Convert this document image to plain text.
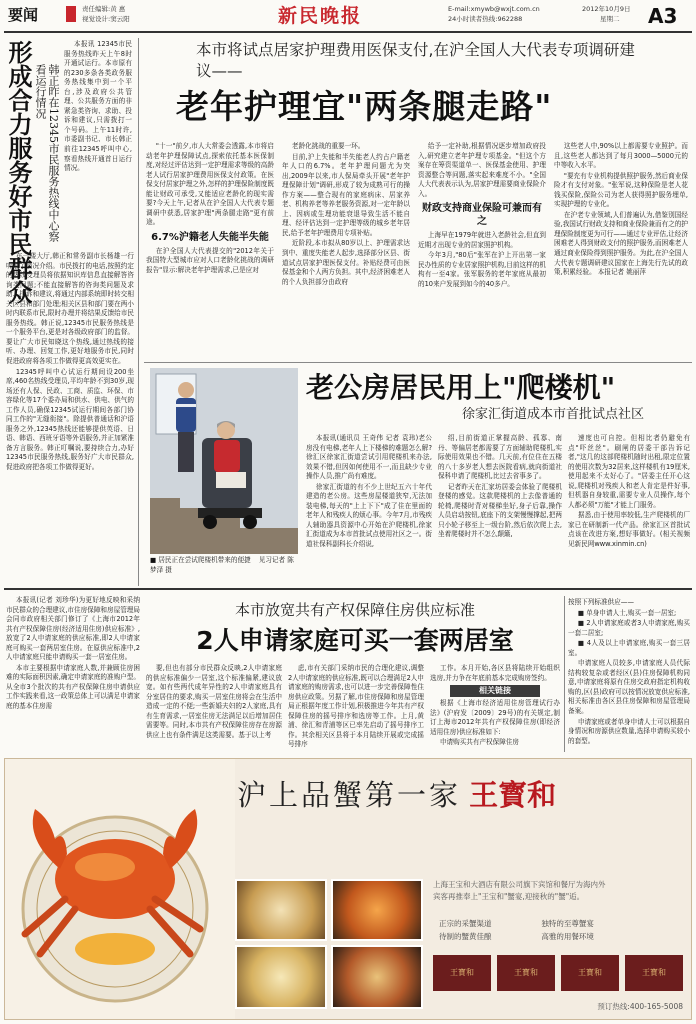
要闻	责任编辑:黄 惠
视觉设计:窦云阳	新民晚报	E-mail:xmywb@wxjt.com.cn
24小时读者热线:962288
2012年10月9日
星期二 A3
形成合力服务好市民群众	韩正昨在12345市民服务热线中心察看运行情况

本报讯 12345市民服务热线昨天上午8时开通试运行。本市原有的230多条各类政务服务热线集中到一个平台,涉及政府公共管理、公共服务方面的非紧急类咨询、求助、投诉和建议,只需拨打一个号码。上午11时许,市委副书记、市长韩正前往12345呼叫中心,察看热线开通首日运行情况。

在一楼大厅,韩正和常务副市长杨雄一行听取了情况介绍。市民拨打的电话,按照约定的热线受理员将依据知识库信息直接解答咨询类问题;不能直接解答的咨询类问题及求助、投诉和建议,将通过内部系统即时转交相关区县和部门处理;相关区县和部门要在两小时内联系市民,限时办理并将结果反馈给市民服务热线。韩正说,12345市民服务热线是一个服务平台,更是对各级政府部门的监督。要让广大市民知晓这个热线,通过热线的接听、办理、回复工作,更好地服务市民,同时促进政府将各项工作做得更高效更实在。

12345呼叫中心试运行期间设200坐席,460名热线受理员,平均年龄不到30岁,现场还有人保、民政、工商、质监、环保、市容绿化等17个委办局和供水、供电、供气的工作人员,确保12345试运行期间各部门协同工作的"无缝衔接"。除提供普通话和沪语服务之外,12345热线还能够提供英语、日语、韩语、西班牙语等外语服务,并正加紧准备方言服务。韩正叮嘱说,要持续合力,办好12345市民服务热线,服务好广大市民群众,促进政府把各项工作做得更好。

本市将试点居家护理费用医保支付,在沪全国人大代表专项调研建议——
老年护理宜"两条腿走路"

"十一"前夕,市人大常委会透露,本市将启动老年护理保障试点,探索依托基本医保制度,对经过评估达到一定护理需求等级的高龄老人试行居家护理费用医保支付政策。在医保支付居家护理之外,怎样的护理保险制度既能让财政可承受,又能适应老龄化的现实需要?今天上午,记者从在沪全国人大代表专题调研中获悉,居家护理"两条腿走路"更有前途。

6.7%沪籍老人失能半失能

在沪全国人大代表提交的"2012年关于我国特大型城市应对人口老龄化挑战的调研报告"显示:解决老年护理需求,已是应对

老龄化挑战的重要一环。

目前,沪上失能和半失能老人约占户籍老年人口的6.7%。老年护理问题尤为突出,2009年以来,市人保局牵头开展"老年护理保障计划"调研,形成了较为成熟可行的操作方案——整合现有的家庭病床、居家养老、机构养老等养老服务资源,对一定年龄以上、因病或生理功能衰退导致生活不能自理、经评估达到一定护理等级的城乡老年居民,给予老年护理费用专项补贴。

近阶段,本市拟从80岁以上、护理需求达到中、重度失能老人起步,选择部分区县、街道试点居家护理医保支付。补贴经费可由医保基金和个人两方负担。其中,经济困难老人的个人负担部分由政府

给予一定补助,根据情况逐步增加政府投入,研究建立老年护理专项基金。"但这个方案存在筹资渠道单一、医保基金使用、护理资源整合等问题,落实起来难度不小。"全国人大代表表示认为,居家护理需要商业保险介入。

财政支持商业保险可兼而有之

上海早在1979年就进入老龄社会,但直到近期才出现专业的居家照护机构。

今年3月,"80后"张军在沪上开出第一家民办性质的专业居家照护机构,目前这样的机构有一至4家。张军服务的老年家庭从最初的10来户发展到如今的40多户。

这些老人中,90%以上都需要专业照护。而且,这些老人都达到了每月3000—5000元的中等收入水平。

"要充有专业机构提供照护服务,然后商业保险才有支付对象。"张军说,这种保险是老人花钱买保险,保险公司为老人获得照护服务埋单,实现护理的专业化。

在沪老专业领域,人们普遍认为,借鉴别国经验,我国试行财政支持和商业保险兼而有之的护理保险制度更为可行——通过专业评估,让经济困难老人得到财政支付的照护服务,而困难老人通过商业保险得到照护服务。为此,在沪全国人大代表专题调研建议国家在上海先行先试的政策,积累经验。 本报记者 姚丽萍

■ 居民正在尝试爬楼机带来的便捷 见习记者 陈梦泽 摄
老公房居民用上"爬楼机"
徐家汇街道成本市首批试点社区

本报讯(通讯员 王奇伟 记者 袁玮)老公房没有电梯,老年人上下楼梯的难题怎么解?徐汇区徐家汇街道尝试引用爬楼机来办法,效果不错,但因如何使用不一,而且缺少专业操作人员,推广尚有难度。

徐家汇街道的有不少上世纪五六十年代建造的老公房。这些房屋楼道狭窄,无法加装电梯,每天的"上上下下"成了住在里面的老年人和残疾人的烦心事。今年7月,市残疾人辅助器具资源中心开始在沪爬楼机,徐家汇街道成为本市首批试点使用社区之一。街道社保科副科长介绍说,

绍,目前街道正掌握高龄、孤寡、南丹、等偏居老都需要了方面辅助爬楼机,实际使用效果也不错。几天前,有位住在五楼的八十多岁老人想去医院看病,就向街道社保科申请了爬楼机,比过去省事多了。

记者昨天在汇家坊居委会体验了爬楼机登楼的感觉。这款爬楼机的上去像普通的轮椅,爬楼时背对楼梯坐好,身子后靠,操作人员启动按钮,底座下的支架慢慢撑起,把两只小轮子移至上一级台阶,然后依次爬上去,坐着爬楼时并不怎么颠簸,

速度也可自控。但相比者仍避免有点"吓丝丝"。刷闸的居委干部告诉记者,"这几的这部爬楼机随时出租,限定位置的使用次数为32居来,这样楼机有19厘米,使用起来不太好心了。"居委主任开心这说,爬楼机对残疾人和老人肯定是件好事,但机器自身较重,需要专业人员操作,每个人都必须"万能"才能上门服务。

据悉,由于使用率较低,生产爬楼机的厂家已在研制新一代产品。徐家汇区首批试点该在改进方案,想好事做好。(相关视频见新民网www.xinmin.cn)

本报讯(记者 刘珍华)为更好地反映和采纳市民群众的合理建议,市住房保障和房屋管理局会同市政府相关部门修订了《上海市2012年共有产权保障住房(经济适用住房)供应标准》,放宽了2人申请家庭的供应标准,即2人申请家庭可购买一套两居室住房。在原供应标准中,2人申请家庭只能申请购买一套一居室住房。

本市主要根据申请家庭人数,并兼顾住房困难的实际面积因素,确定申请家庭的准购户型。从全市3个批次的共有产权保障住房申请供应工作实践来看,这一政策总体上可以满足申请家庭的基本住房需

本市放宽共有产权保障住房供应标准
2人申请家庭可买一套两居室

要,但也有部分市民群众反映,2人申请家庭的供应标准偏少一居室,这个标准偏紧,建议放宽。如有些两代成年异性的2人申请家庭具有分室居住的要求,购买一居室住房将会在生活中造成一定的不便;一些新婚夫妇的2人家庭,具有有生育需求,一居室住房无法满足以后增加居住需要等。同时,本市共有产权保障住房存在房源供应上也有条件满足这类需要。基于以上考

虑,市有关部门采纳市民的合理化建议,调整2人申请家庭的供应标准,既可以合理满足2人申请家庭的购房需求,也可以进一步完善保障性住房供应政策。另据了解,市住房保障和房屋管理局正根据年度工作计划,积极推进今年共有产权保障住房的摇号排序和选房等工作。上月,黄浦、徐汇和青浦等区已率先启动了摇号排序工作。其余相关区县将于本月陆续开展或完成摇号排序

工作。本月开始,各区县将陆续开始组织选房,并力争在年底前基本完成购房签约。

相关链接

根据《上海市经济适用住房管理试行办法》(沪府发〔2009〕29号)的有关规定,制订上海市2012年共有产权保障住房(即经济适用住房)供应标准如下:

申请购买共有产权保障住房

按照下列标准供应——

■ 单身申请人士,购买一套一居室;

■ 2人申请家庭或者3人申请家庭,购买一套二居室;

■ 4人及以上申请家庭,购买一套三居室。

申请家庭人员较多,申请家庭人员代际结构较复杂或者经区(县)住房保障机构同意,申请家庭将原有住房交政府指定机构收购的,区(县)政府可以按情况放宽供应标准,相关标准由各区县住房保障和房屋管理局备案。

申请家庭或者单身申请人士可以根据自身情况和房源供应数量,选择申请购买较小的套型。

沪上品蟹第一家 王寳和
上海王宝和大酒店有限公司旗下宾馆和餐厅为海内外
宾客再推奉上"王宝和"蟹宴,迎接秋的"蟹"逅。
正宗的采蟹渠道	独特的至尊蟹宴 待制的蟹黄佳酿	高雅的用餐环境
王寳和	王寳和	王寳和	王寳和
预订热线:400-165-5008
